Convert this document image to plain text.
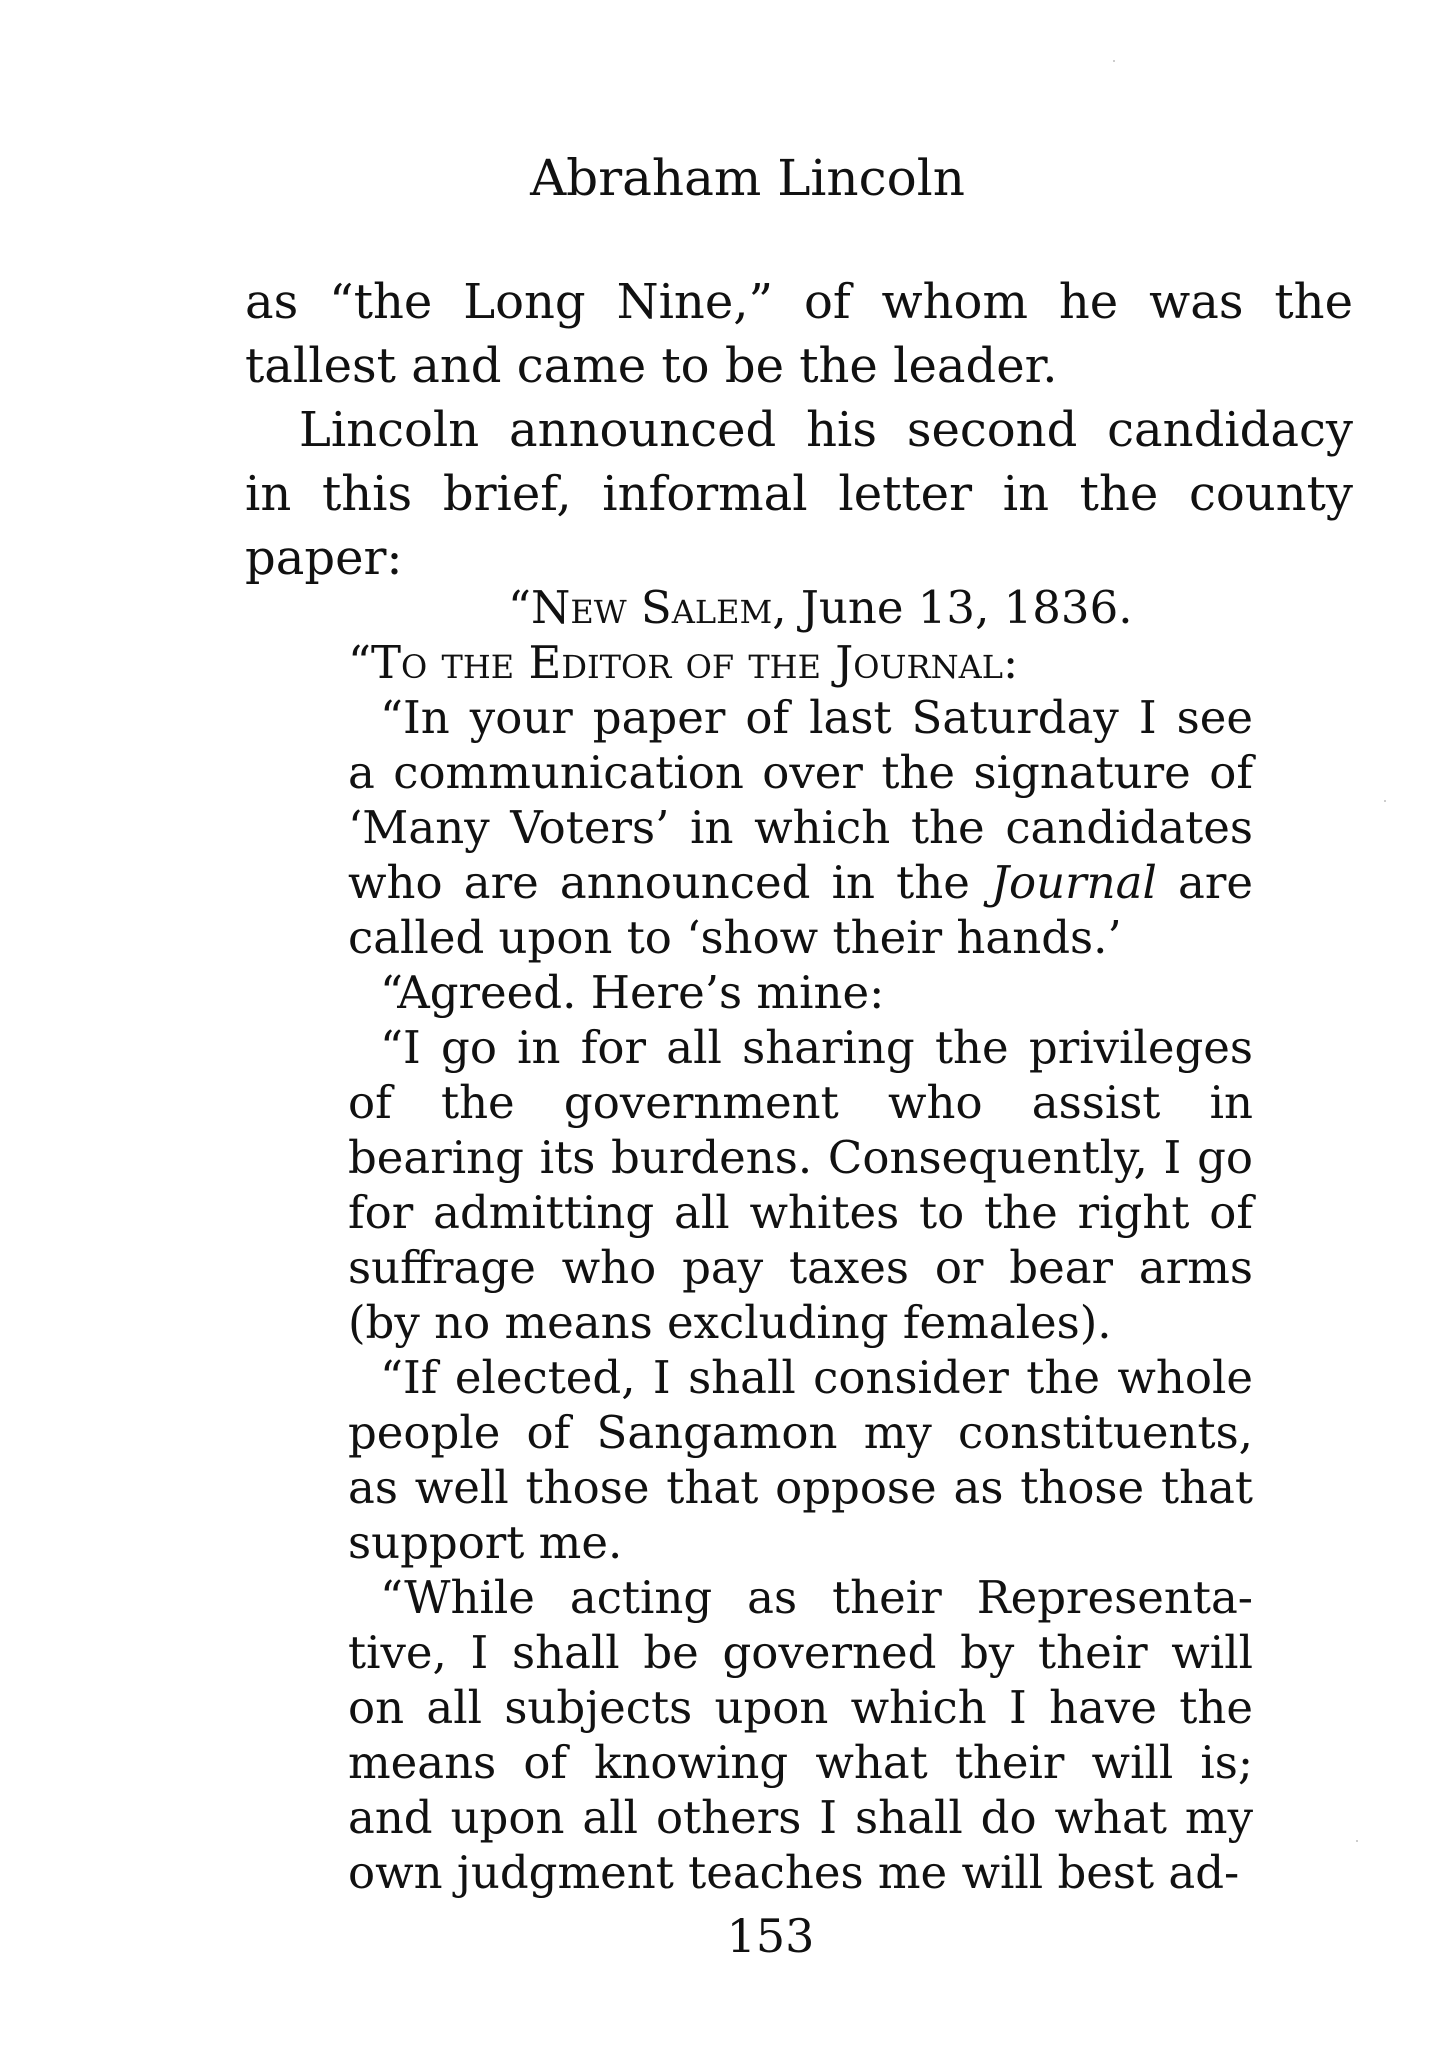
Abraham Lincoln

as “the Long Nine,” of whom he was the tallest and came to be the leader.

Lincoln announced his second candidacy in this brief, informal letter in the county paper:

“New Salem, June 13, 1836.

“To the Editor of the Journal:

“In your paper of last Saturday I see a communication over the signature of ‘Many Voters’ in which the candidates who are announced in the Journal are called upon to ‘show their hands.’

“Agreed. Here’s mine:

“I go in for all sharing the privileges of the government who assist in bearing its burdens. Consequently, I go for admitting all whites to the right of suffrage who pay taxes or bear arms (by no means excluding females).

“If elected, I shall consider the whole people of Sangamon my constituents, as well those that oppose as those that support me.

“While acting as their Representative, I shall be governed by their will on all subjects upon which I have the means of knowing what their will is; and upon all others I shall do what my own judgment teaches me will best ad-

153
